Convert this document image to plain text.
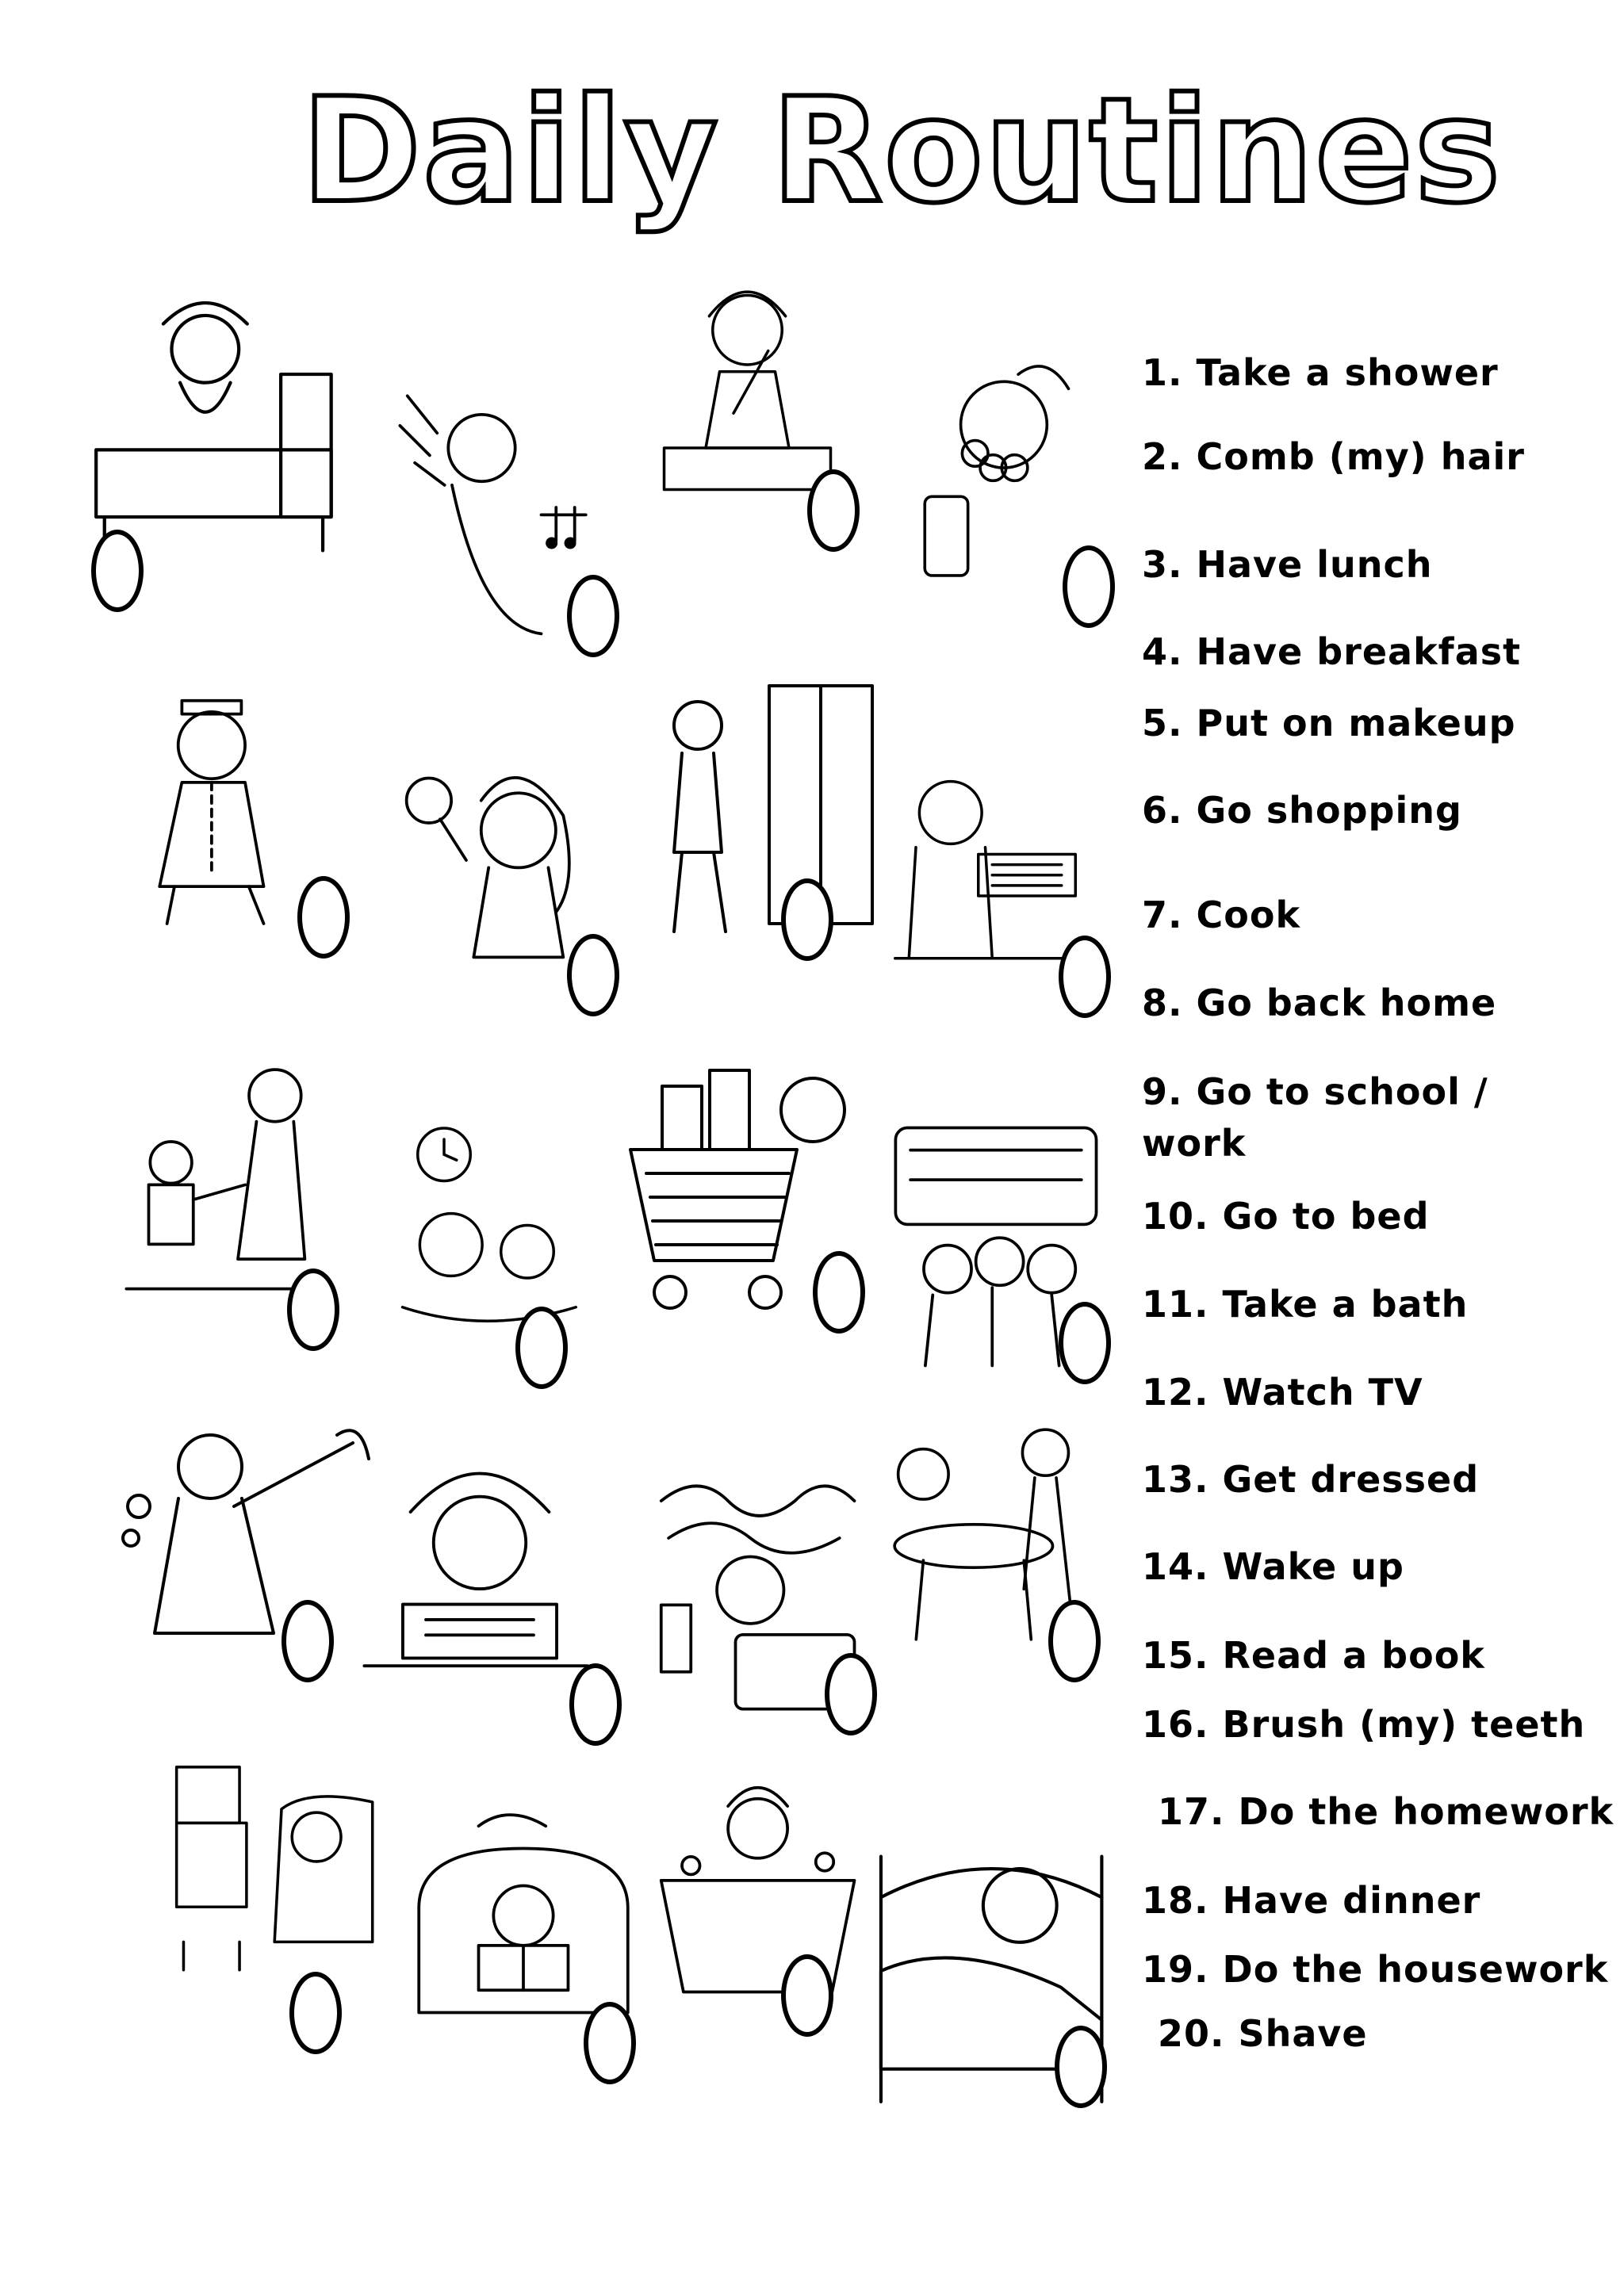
Daily Routines
1. Take a shower
2. Comb (my) hair
3. Have lunch
4. Have breakfast
5. Put on makeup
6. Go shopping
7. Cook
8. Go back home
9. Go to school /
work
10. Go to bed
11. Take a bath
12. Watch TV
13. Get dressed
14. Wake up
15. Read a book
16. Brush (my) teeth
17. Do the homework
18. Have dinner
19. Do the housework
20. Shave
